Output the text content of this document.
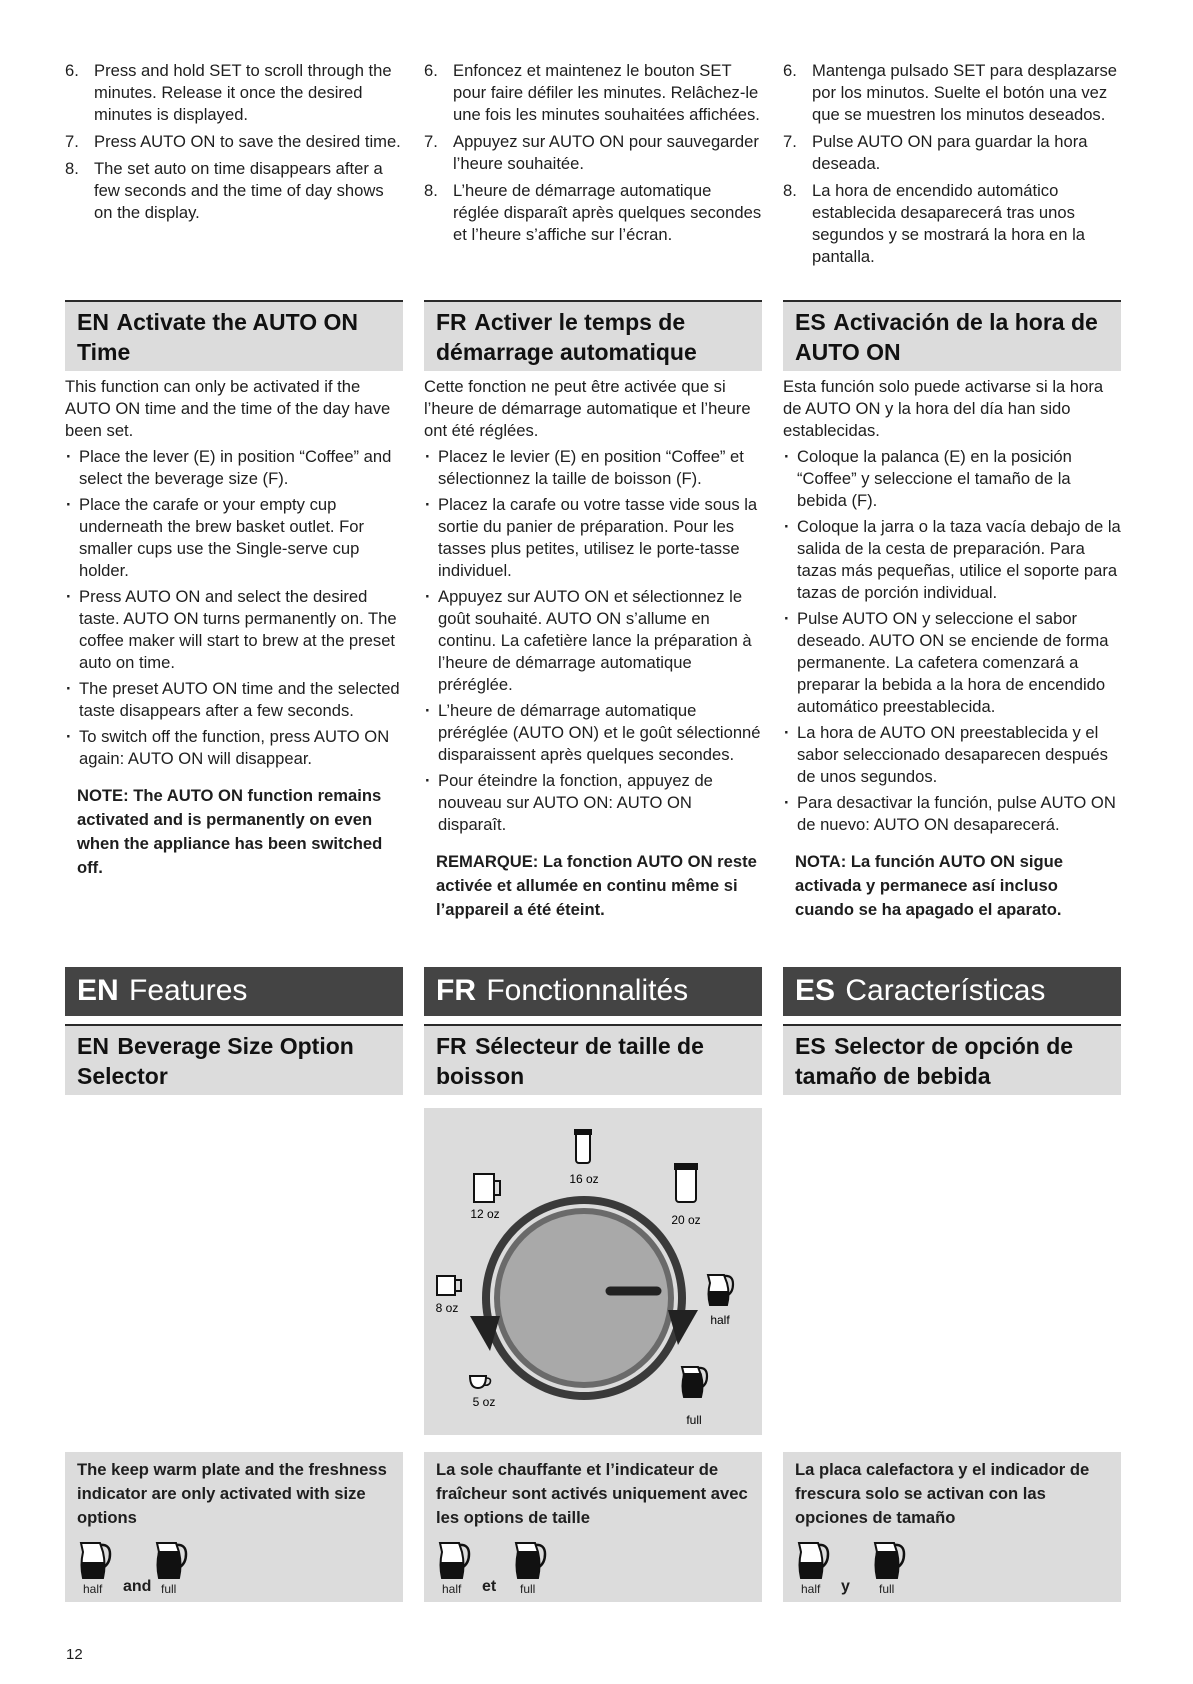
6. Press and hold SET to scroll through the minutes. Release it once the desired minutes is displayed.
7. Press AUTO ON to save the desired time.
8. The set auto on time disappears after a few seconds and the time of day shows on the display.
EN Activate the AUTO ON Time

This function can only be activated if the AUTO ON time and the time of the day have been set.

· Place the lever (E) in position “Coffee” and select the beverage size (F).
· Place the carafe or your empty cup underneath the brew basket outlet. For smaller cups use the Single-serve cup holder.
· Press AUTO ON and select the desired taste. AUTO ON turns permanently on. The coffee maker will start to brew at the preset auto on time.
· The preset AUTO ON time and the selected taste disappears after a few seconds.
· To switch off the function, press AUTO ON again: AUTO ON will disappear.
NOTE: The AUTO ON function remains activated and is permanently on even when the appliance has been switched off.
EN Features
EN Beverage Size Option Selector

The keep warm plate and the freshness indicator are only activated with size options

half and full
6. Enfoncez et maintenez le bouton SET pour faire défiler les minutes. Relâchez-le une fois les minutes souhaitées affichées.
7. Appuyez sur AUTO ON pour sauvegarder l’heure souhaitée.
8. L’heure de démarrage automatique réglée disparaît après quelques secondes et l’heure s’affiche sur l’écran.
FR Activer le temps de démarrage automatique

Cette fonction ne peut être activée que si l’heure de démarrage automatique et l’heure ont été réglées.

· Placez le levier (E) en position “Coffee” et sélectionnez la taille de boisson (F).
· Placez la carafe ou votre tasse vide sous la sortie du panier de préparation. Pour les tasses plus petites, utilisez le porte-tasse individuel.
· Appuyez sur AUTO ON et sélectionnez le goût souhaité. AUTO ON s’allume en continu. La cafetière lance la préparation à l’heure de démarrage automatique préréglée.
· L’heure de démarrage automatique préréglée (AUTO ON) et le goût sélectionné disparaissent après quelques secondes.
· Pour éteindre la fonction, appuyez de nouveau sur AUTO ON: AUTO ON disparaît.
REMARQUE: La fonction AUTO ON reste activée et allumée en continu même si l’appareil a été éteint.
FR Fonctionnalités
FR Sélecteur de taille de boisson

La sole chauffante et l’indicateur de fraîcheur sont activés uniquement avec les options de taille

half et full
6. Mantenga pulsado SET para desplazarse por los minutos. Suelte el botón una vez que se muestren los minutos deseados.
7. Pulse AUTO ON para guardar la hora deseada.
8. La hora de encendido automático establecida desaparecerá tras unos segundos y se mostrará la hora en la pantalla.
ES Activación de la hora de AUTO ON

Esta función solo puede activarse si la hora de AUTO ON y la hora del día han sido establecidas.

· Coloque la palanca (E) en la posición “Coffee” y seleccione el tamaño de la bebida (F).
· Coloque la jarra o la taza vacía debajo de la salida de la cesta de preparación. Para tazas más pequeñas, utilice el soporte para tazas de porción individual.
· Pulse AUTO ON y seleccione el sabor deseado. AUTO ON se enciende de forma permanente. La cafetera comenzará a preparar la bebida a la hora de encendido automático preestablecida.
· La hora de AUTO ON preestablecida y el sabor seleccionado desaparecen después de unos segundos.
· Para desactivar la función, pulse AUTO ON de nuevo: AUTO ON desaparecerá.
NOTA: La función AUTO ON sigue activada y permanece así incluso cuando se ha apagado el aparato.
ES Características
ES Selector de opción de tamaño de bebida

La placa calefactora y el indicador de frescura solo se activan con las opciones de tamaño

half y full
16 oz
20 oz
12 oz
8 oz
5 oz
half
full
12
